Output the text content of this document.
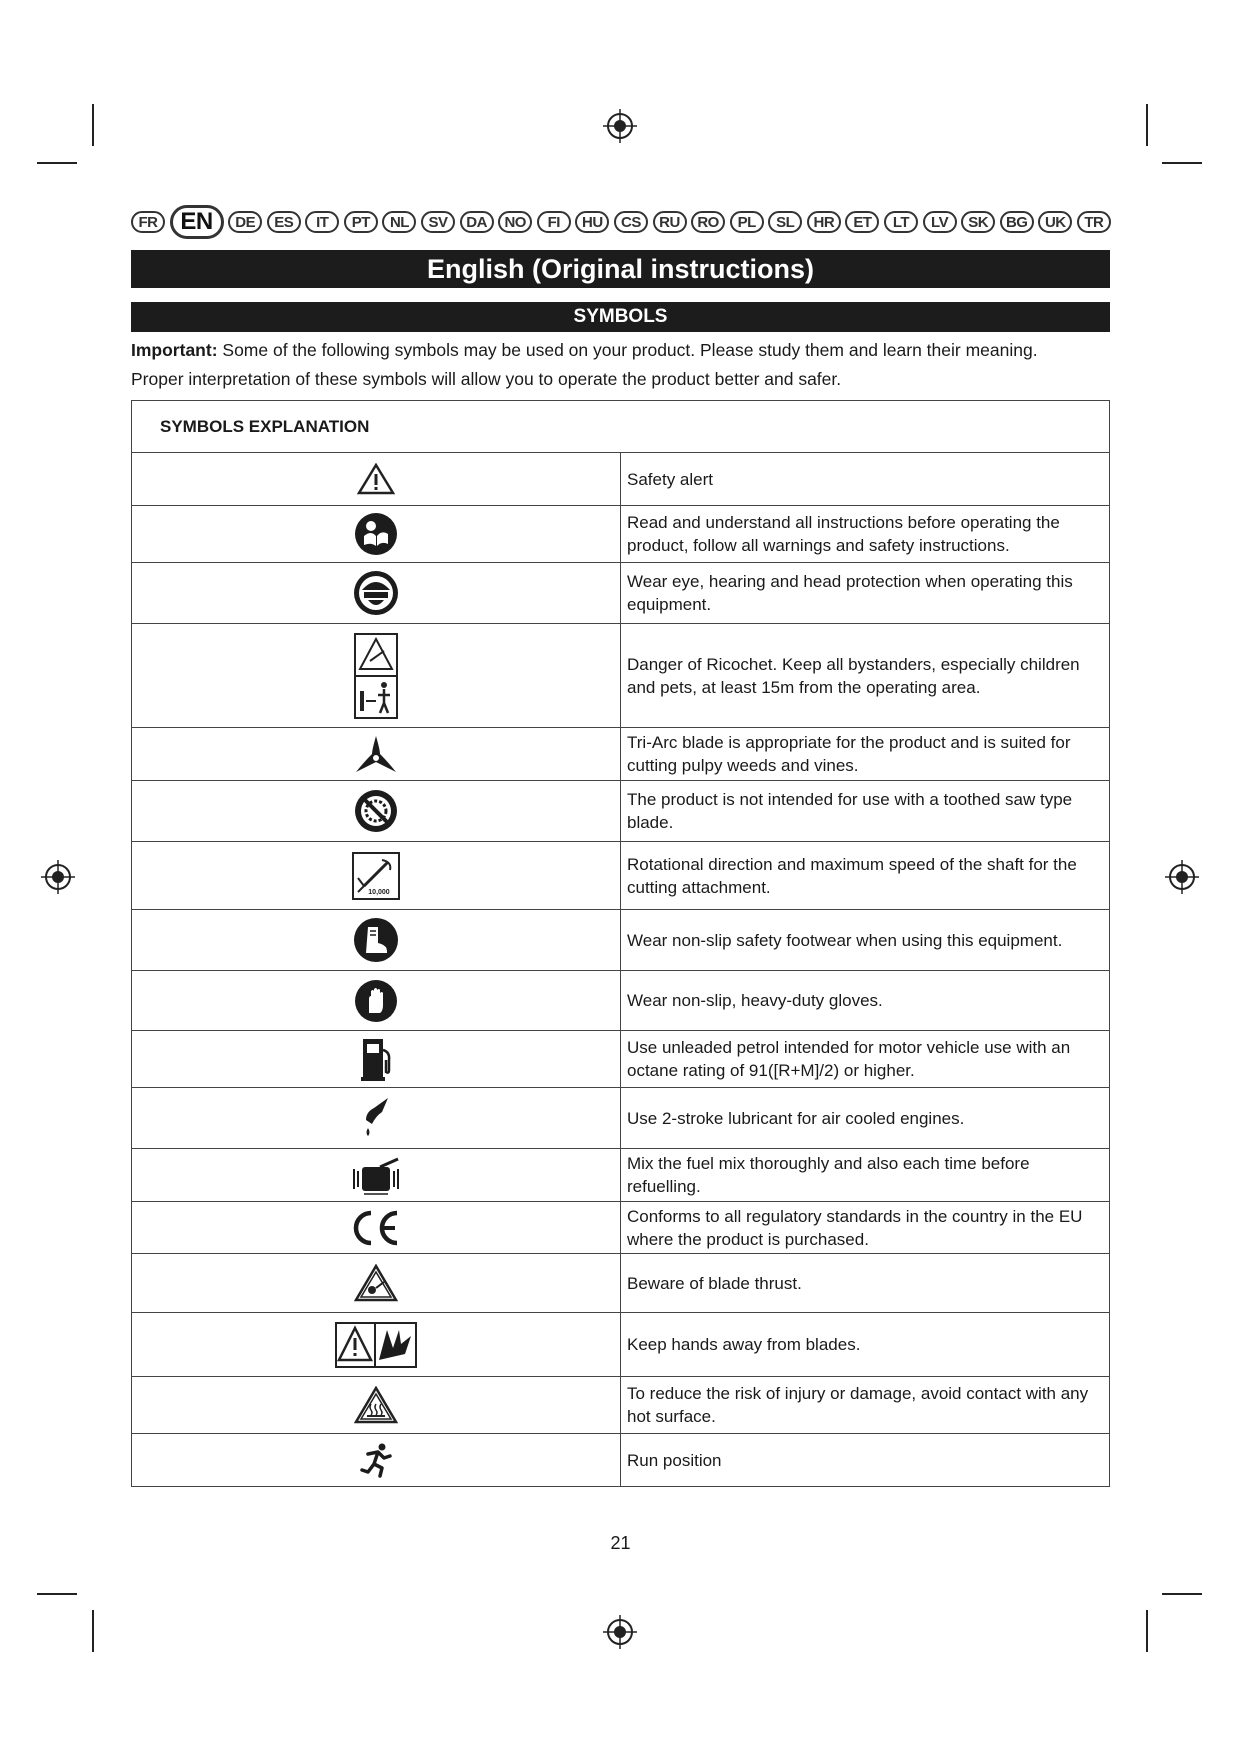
FR EN	DE	ES	IT	PT	NL	SV	DA	NO	FI	HU	CS	RU	RO	PL	SL	HR	ET	LT	LV	SK	BG	UK	TR
English (Original instructions)
SYMBOLS
Important: Some of the following symbols may be used on your product. Please study them and learn their meaning.
Proper interpretation of these symbols will allow you to operate the product better and safer.
SYMBOLS EXPLANATION	

	Safety alert

	Read and understand all instructions before operating the product, follow all warnings and safety instructions.

	Wear eye, hearing and head protection when operating this equipment.

	Danger of Ricochet. Keep all bystanders, especially children and pets, at least 15m from the operating area.

	Tri-Arc blade is appropriate for the product and is suited for cutting pulpy weeds and vines.

	The product is not intended for use with a toothed saw type blade.

10,000	Rotational direction and maximum speed of the shaft for the cutting attachment.

	Wear non-slip safety footwear when using this equipment.

	Wear non-slip, heavy-duty gloves.

	Use unleaded petrol intended for motor vehicle use with an octane rating of 91([R+M]/2) or higher.

	Use 2-stroke lubricant for air cooled engines.

	Mix the fuel mix thoroughly and also each time before refuelling.

	Conforms to all regulatory standards in the country in the EU where the product is purchased.

	Beware of blade thrust.

	Keep hands away from blades.

	To reduce the risk of injury or damage, avoid contact with any hot surface.

	Run position
21
